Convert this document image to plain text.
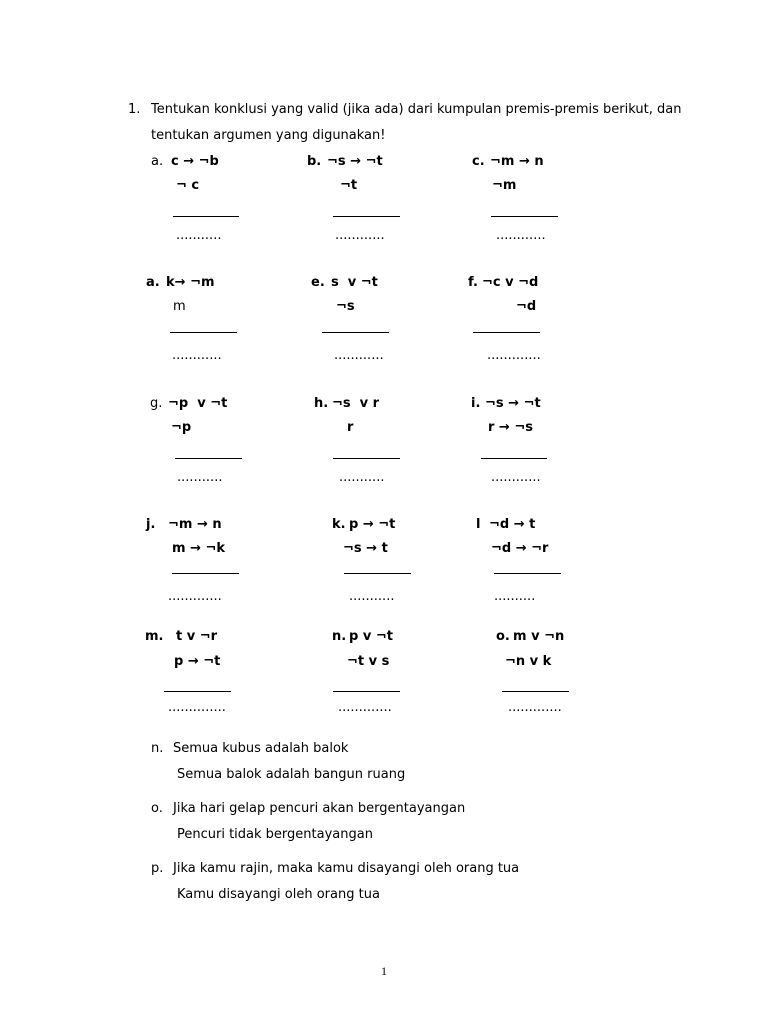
1. Tentukan konklusi yang valid (jika ada) dari kumpulan premis-premis berikut, dan
tentukan argumen yang digunakan!
a. c → ¬b
¬ c
...........
b. ¬s → ¬t
¬t
............
c. ¬m → n
¬m
............
a. k→ ¬m
m
............
e. s  v ¬t
¬s
............
f. ¬c v ¬d
¬d
.............
g. ¬p  v ¬t
¬p
...........
h. ¬s  v r
r
...........
i. ¬s → ¬t
r → ¬s
............
j. ¬m → n
m → ¬k
.............
k. p → ¬t
¬s → t
...........
l ¬d → t
¬d → ¬r
..........
m. t v ¬r
p → ¬t
..............
n. p v ¬t
¬t v s
.............
o. m v ¬n
¬n v k
.............
n. Semua kubus adalah balok
Semua balok adalah bangun ruang
o. Jika hari gelap pencuri akan bergentayangan
Pencuri tidak bergentayangan
p. Jika kamu rajin, maka kamu disayangi oleh orang tua
Kamu disayangi oleh orang tua
1
